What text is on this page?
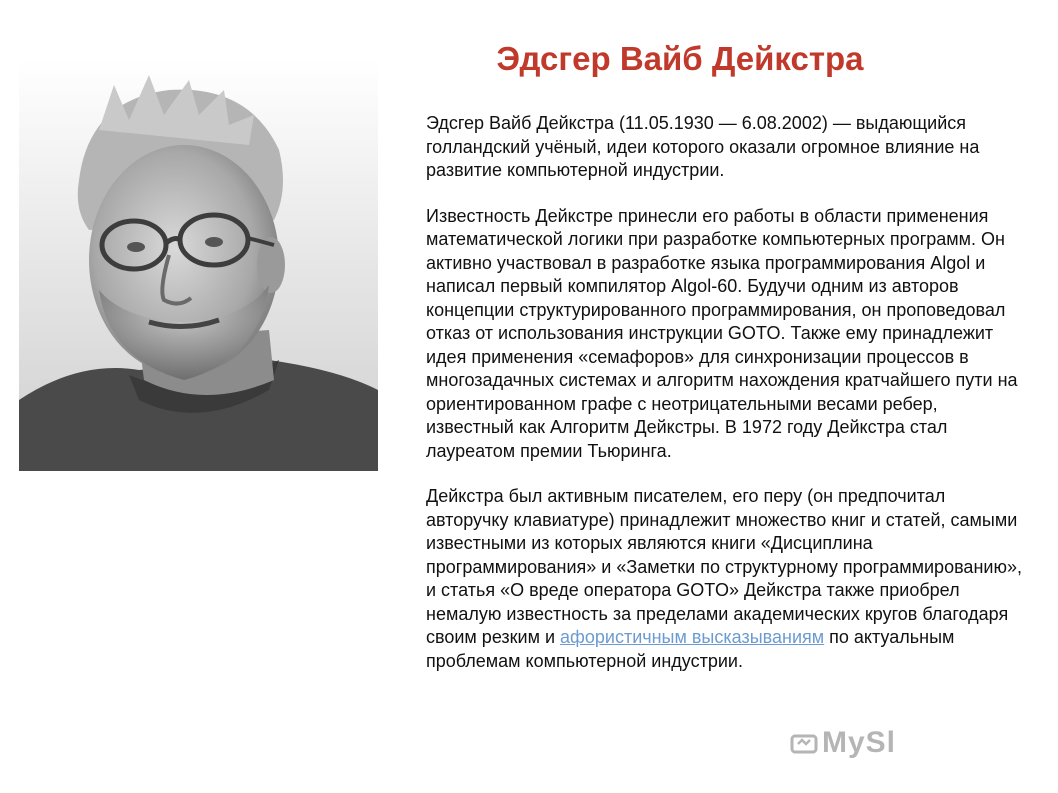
Эдсгер Вайб Дейкстра

Эдсгер Вайб Дейкстра (11.05.1930 — 6.08.2002) — выдающийся голландский учёный, идеи которого оказали огромное влияние на развитие компьютерной индустрии.

Известность Дейкстре принесли его работы в области применения математической логики при разработке компьютерных программ. Он активно участвовал в разработке языка программирования Algol и написал первый компилятор Algol-60. Будучи одним из авторов концепции структурированного программирования, он проповедовал отказ от использования инструкции GOTO. Также ему принадлежит идея применения «семафоров» для синхронизации процессов в многозадачных системах и алгоритм нахождения кратчайшего пути на ориентированном графе с неотрицательными весами ребер, известный как Алгоритм Дейкстры. В 1972 году Дейкстра стал лауреатом премии Тьюринга.

Дейкстра был активным писателем, его перу (он предпочитал авторучку клавиатуре) принадлежит множество книг и статей, самыми известными из которых являются книги «Дисциплина программирования» и «Заметки по структурному программированию», и статья «О вреде оператора GOTO» Дейкстра также приобрел немалую известность за пределами академических кругов благодаря своим резким и афористичным высказываниям по актуальным проблемам компьютерной индустрии.

MySl
